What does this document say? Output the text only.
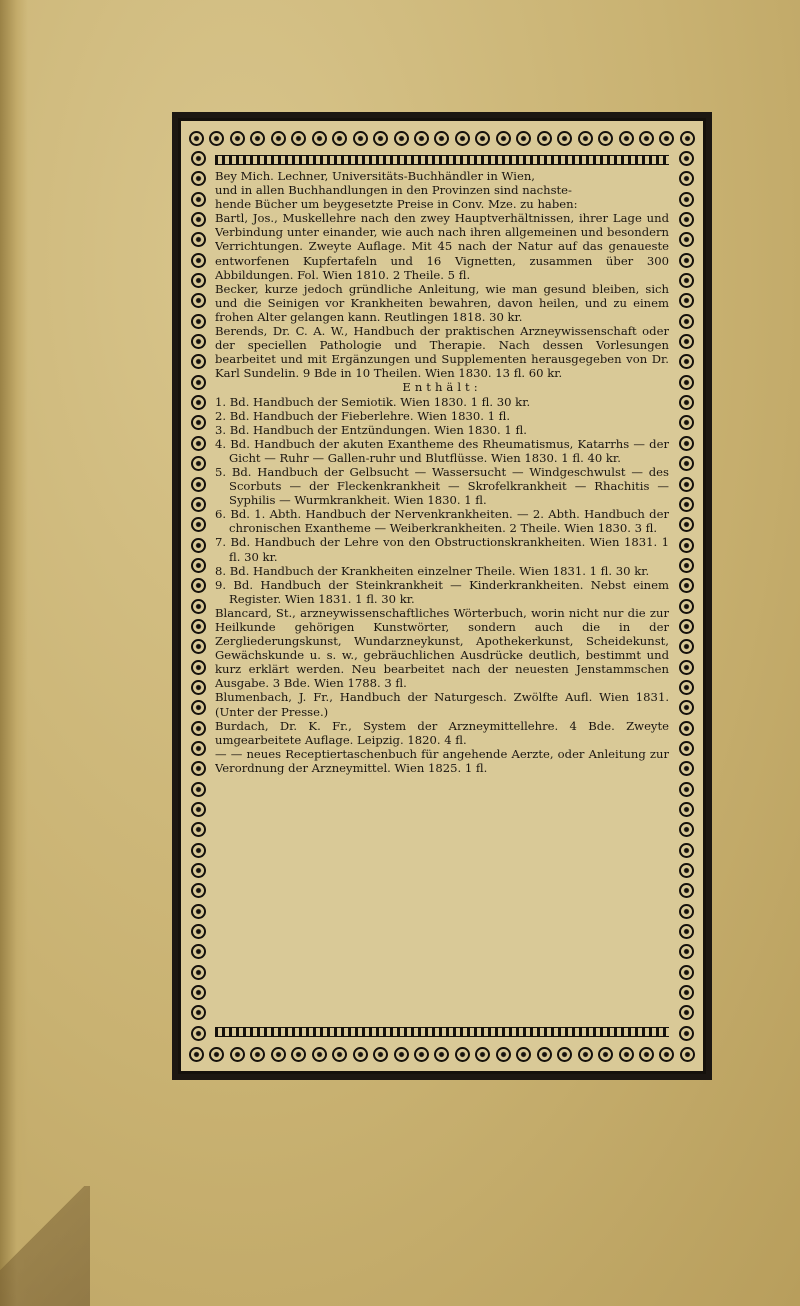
Bey Mich. Lechner, Universitäts-Buchhändler in Wien,

und in allen Buchhandlungen in den Provinzen sind nachste-

hende Bücher um beygesetzte Preise in Conv. Mze. zu haben:

Bartl, Jos., Muskellehre nach den zwey Hauptverhältnissen, ihrer Lage und Verbindung unter einander, wie auch nach ihren allgemeinen und besondern Verrichtungen. Zweyte Auflage. Mit 45 nach der Natur auf das genaueste entworfenen Kupfertafeln und 16 Vignetten, zusammen über 300 Abbildungen. Fol. Wien 1810. 2 Theile. 5 fl.

Becker, kurze jedoch gründliche Anleitung, wie man gesund bleiben, sich und die Seinigen vor Krankheiten bewahren, davon heilen, und zu einem frohen Alter gelangen kann. Reutlingen 1818. 30 kr.

Berends, Dr. C. A. W., Handbuch der praktischen Arzneywissenschaft oder der speciellen Pathologie und Therapie. Nach dessen Vorlesungen bearbeitet und mit Ergänzungen und Supplementen herausgegeben von Dr. Karl Sundelin. 9 Bde in 10 Theilen. Wien 1830. 13 fl. 60 kr.

Enthält:

1. Bd. Handbuch der Semiotik. Wien 1830. 1 fl. 30 kr.

2. Bd. Handbuch der Fieberlehre. Wien 1830. 1 fl.

3. Bd. Handbuch der Entzündungen. Wien 1830. 1 fl.

4. Bd. Handbuch der akuten Exantheme des Rheumatismus, Katarrhs — der Gicht — Ruhr — Gallen-ruhr und Blutflüsse. Wien 1830. 1 fl. 40 kr.

5. Bd. Handbuch der Gelbsucht — Wassersucht — Windgeschwulst — des Scorbuts — der Fleckenkrankheit — Skrofelkrankheit — Rhachitis — Syphilis — Wurmkrankheit. Wien 1830. 1 fl.

6. Bd. 1. Abth. Handbuch der Nervenkrankheiten. — 2. Abth. Handbuch der chronischen Exantheme — Weiberkrankheiten. 2 Theile. Wien 1830. 3 fl.

7. Bd. Handbuch der Lehre von den Obstructionskrankheiten. Wien 1831. 1 fl. 30 kr.

8. Bd. Handbuch der Krankheiten einzelner Theile. Wien 1831. 1 fl. 30 kr.

9. Bd. Handbuch der Steinkrankheit — Kinderkrankheiten. Nebst einem Register. Wien 1831. 1 fl. 30 kr.

Blancard, St., arzneywissenschaftliches Wörterbuch, worin nicht nur die zur Heilkunde gehörigen Kunstwörter, sondern auch die in der Zergliederungskunst, Wundarzneykunst, Apothekerkunst, Scheidekunst, Gewächskunde u. s. w., gebräuchlichen Ausdrücke deutlich, bestimmt und kurz erklärt werden. Neu bearbeitet nach der neuesten Jenstammschen Ausgabe. 3 Bde. Wien 1788. 3 fl.

Blumenbach, J. Fr., Handbuch der Naturgesch. Zwölfte Aufl. Wien 1831. (Unter der Presse.)

Burdach, Dr. K. Fr., System der Arzneymittellehre. 4 Bde. Zweyte umgearbeitete Auflage. Leipzig. 1820. 4 fl.

— — neues Receptiertaschenbuch für angehende Aerzte, oder Anleitung zur Verordnung der Arzneymittel. Wien 1825. 1 fl.
